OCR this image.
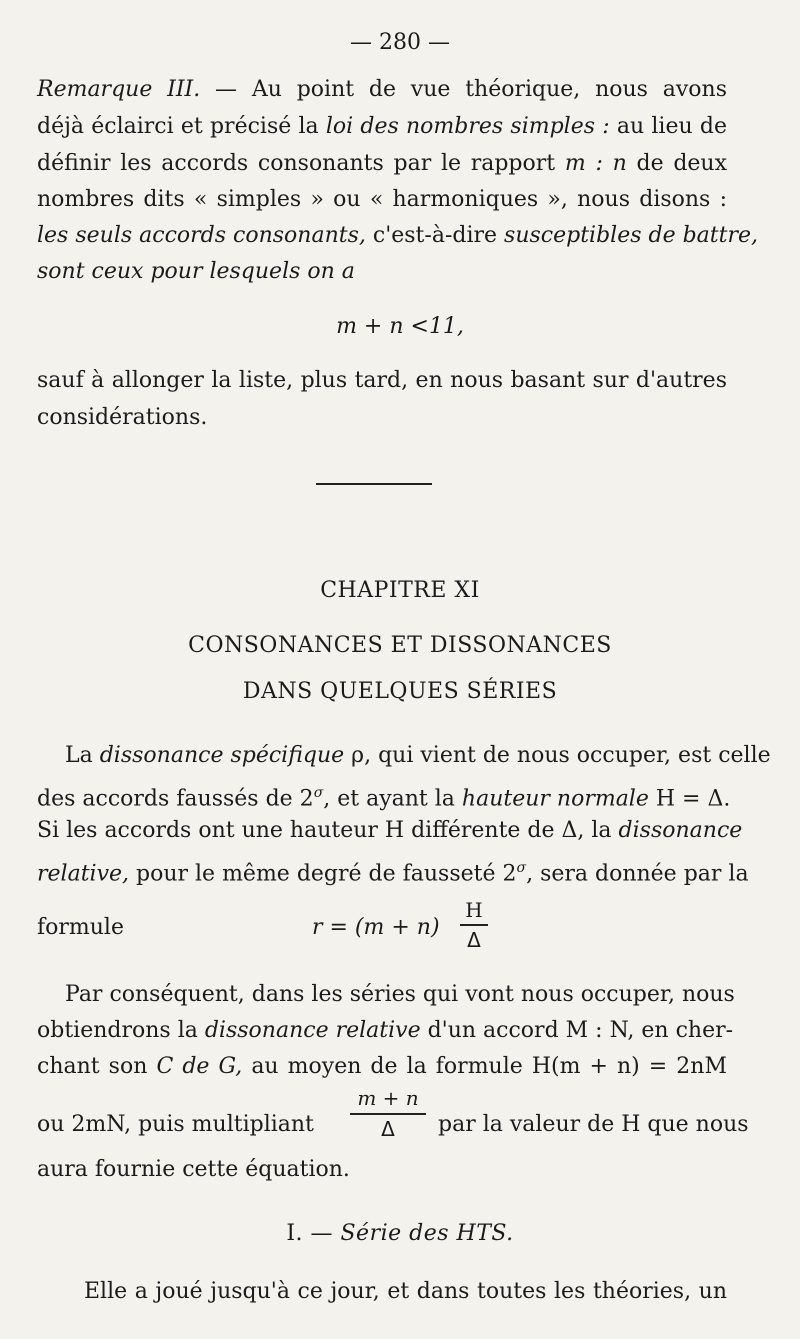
— 280 —
Remarque III. — Au point de vue théorique, nous avons
déjà éclairci et précisé la loi des nombres simples : au lieu de
définir les accords consonants par le rapport m : n de deux
nombres dits « simples » ou « harmoniques », nous disons :
les seuls accords consonants, c'est-à-dire susceptibles de battre,
sont ceux pour lesquels on a
m + n <11,
sauf à allonger la liste, plus tard, en nous basant sur d'autres
considérations.
CHAPITRE XI
CONSONANCES ET DISSONANCES
DANS QUELQUES SÉRIES
La dissonance spécifique ρ, qui vient de nous occuper, est celle
des accords faussés de $2^\sigma$, et ayant la hauteur normale H = Δ.
Si les accords ont une hauteur H différente de Δ, la dissonance
relative, pour le même degré de fausseté $2^\sigma$, sera donnée par la
formule	r = (m + n)
H
Δ
Par conséquent, dans les séries qui vont nous occuper, nous
obtiendrons la dissonance relative d'un accord M : N, en cher-
chant son C de G, au moyen de la formule H(m + n) = 2nM
ou 2mN, puis multipliant
m + n
Δ	par la valeur de H que nous
aura fournie cette équation.
I. — Série des HTS.
Elle a joué jusqu'à ce jour, et dans toutes les théories, un
